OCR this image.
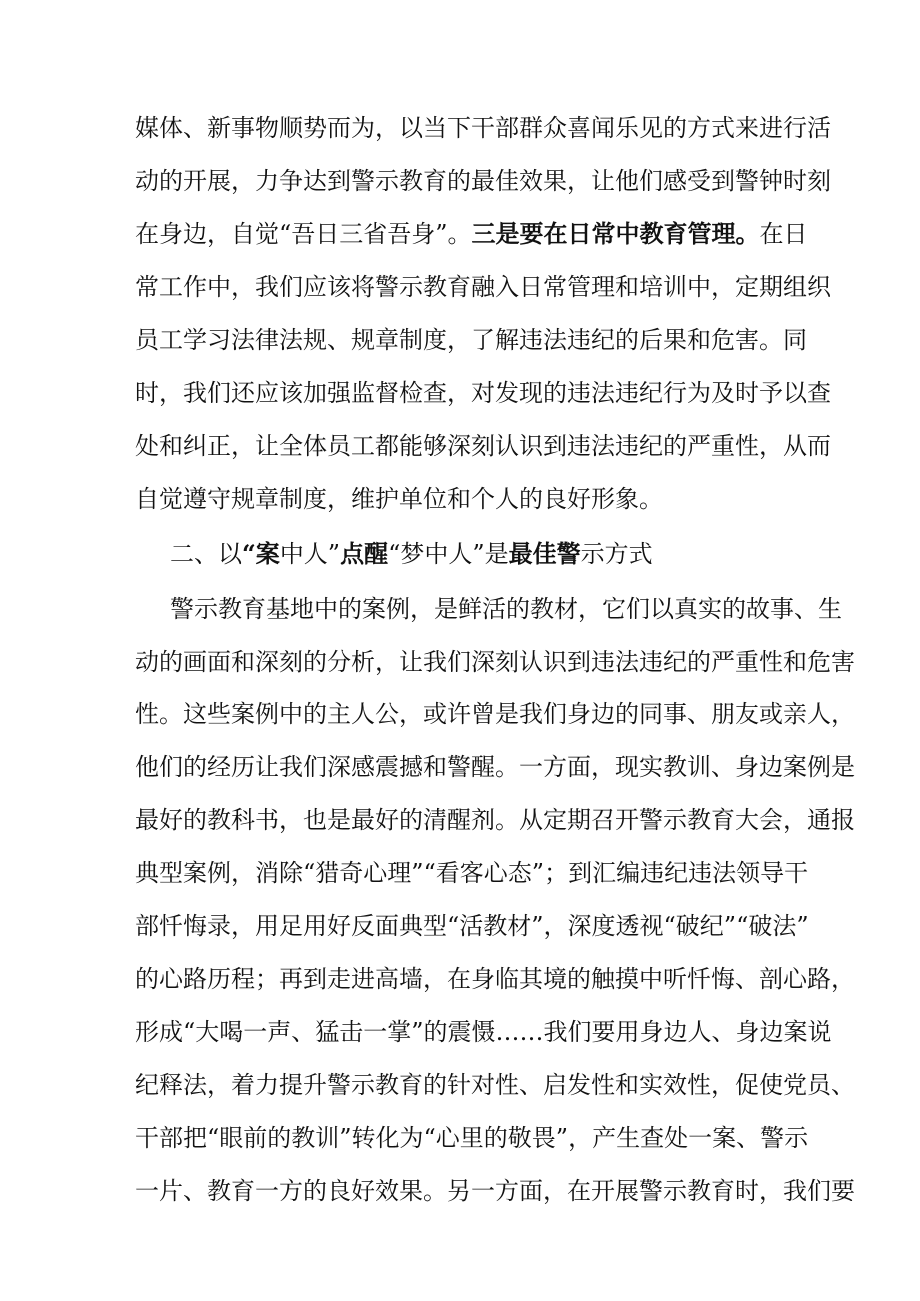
媒体、新事物顺势而为，以当下干部群众喜闻乐见的方式来进行活
动的开展，力争达到警示教育的最佳效果，让他们感受到警钟时刻
在身边，自觉“吾日三省吾身”。三是要在日常中教育管理。在日
常工作中，我们应该将警示教育融入日常管理和培训中，定期组织
员工学习法律法规、规章制度，了解违法违纪的后果和危害。同
时，我们还应该加强监督检查，对发现的违法违纪行为及时予以查
处和纠正，让全体员工都能够深刻认识到违法违纪的严重性，从而
自觉遵守规章制度，维护单位和个人的良好形象。
二、以“案中人”点醒“梦中人”是最佳警示方式
警示教育基地中的案例，是鲜活的教材，它们以真实的故事、生
动的画面和深刻的分析，让我们深刻认识到违法违纪的严重性和危害
性。这些案例中的主人公，或许曾是我们身边的同事、朋友或亲人，
他们的经历让我们深感震撼和警醒。一方面，现实教训、身边案例是
最好的教科书，也是最好的清醒剂。从定期召开警示教育大会，通报
典型案例，消除“猎奇心理”“看客心态”；到汇编违纪违法领导干
部忏悔录，用足用好反面典型“活教材”，深度透视“破纪”“破法”
的心路历程；再到走进高墙，在身临其境的触摸中听忏悔、剖心路，
形成“大喝一声、猛击一掌”的震慑……我们要用身边人、身边案说
纪释法，着力提升警示教育的针对性、启发性和实效性，促使党员、
干部把“眼前的教训”转化为“心里的敬畏”，产生查处一案、警示
一片、教育一方的良好效果。另一方面，在开展警示教育时，我们要
